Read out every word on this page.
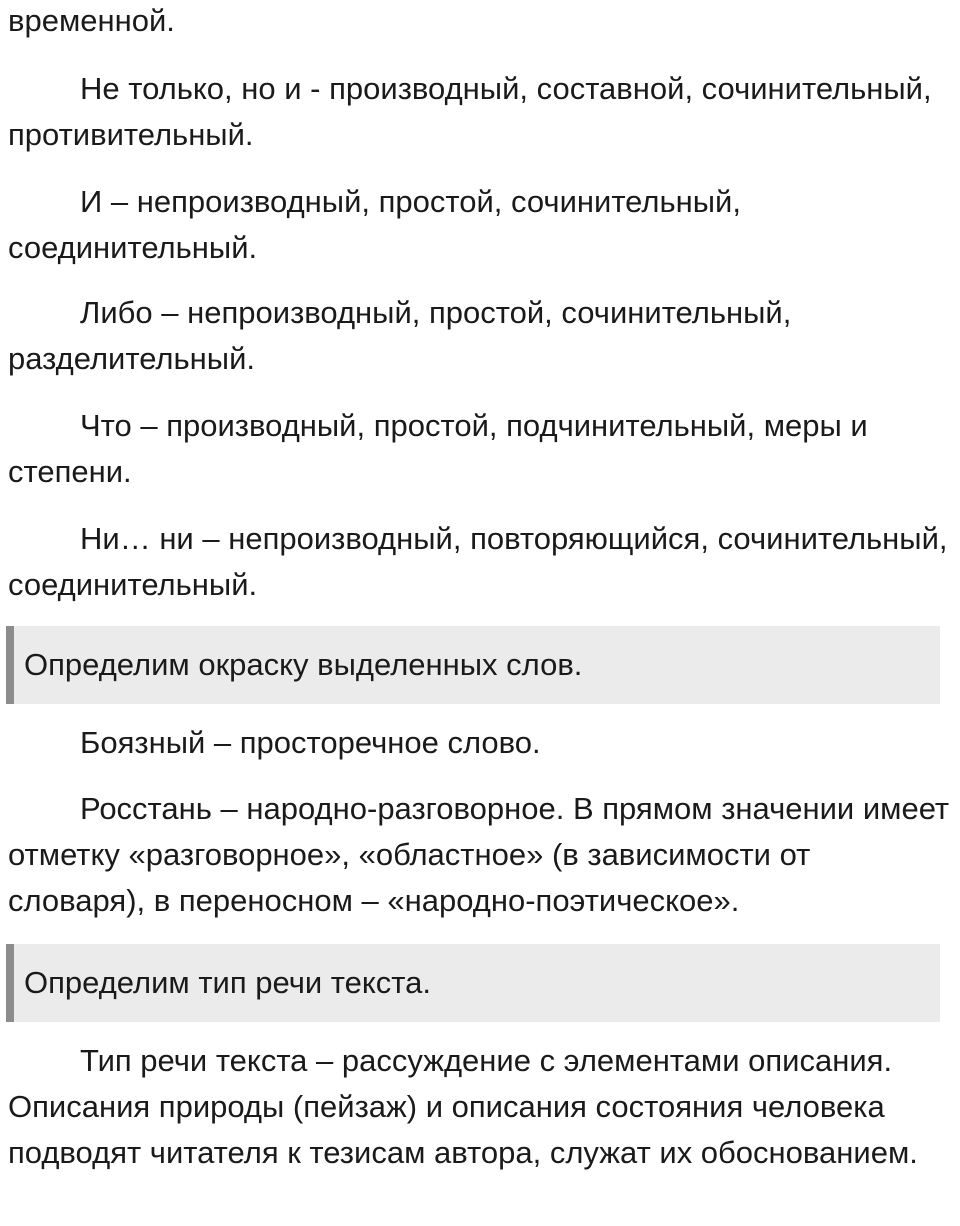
временной.

Не только, но и - производный, составной, сочинительный, противительный.

И – непроизводный, простой, сочинительный, соединительный.

Либо – непроизводный, простой, сочинительный, разделительный.

Что – производный, простой, подчинительный, меры и степени.

Ни… ни – непроизводный, повторяющийся, сочинительный, соединительный.

Определим окраску выделенных слов.

Боязный – просторечное слово.

Росстань – народно-разговорное. В прямом значении имеет отметку «разговорное», «областное» (в зависимости от словаря), в переносном – «народно-поэтическое».

Определим тип речи текста.

Тип речи текста – рассуждение с элементами описания. Описания природы (пейзаж) и описания состояния человека подводят читателя к тезисам автора, служат их обоснованием.
